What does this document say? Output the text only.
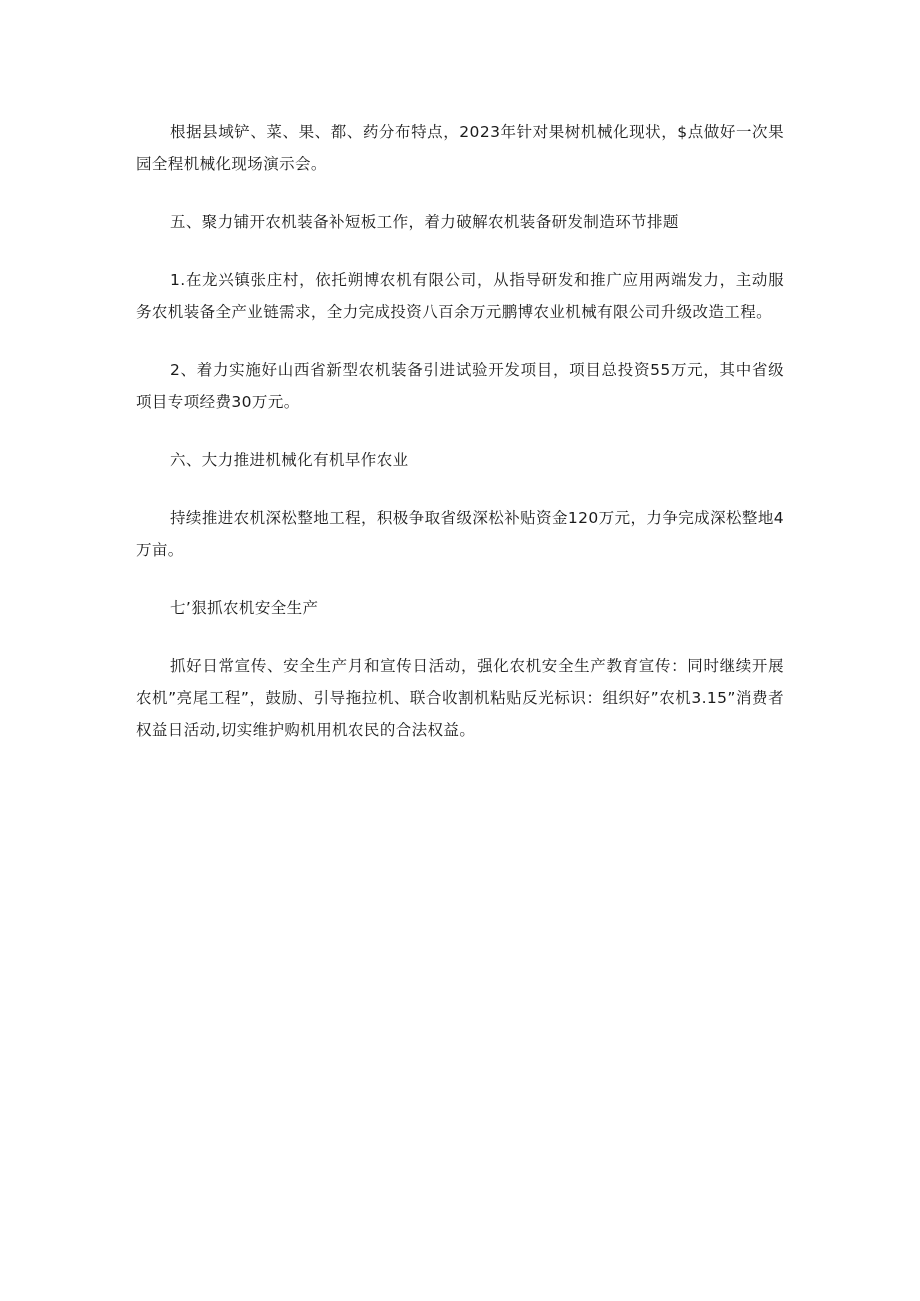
根据县域铲、菜、果、都、药分布特点，2023年针对果树机械化现状，$点做好一次果园全程机械化现场演示会。

五、聚力铺开农机装备补短板工作，着力破解农机装备研发制造环节排题

1.在龙兴镇张庄村，依托朔博农机有限公司，从指导研发和推广应用两端发力，主动服务农机装备全产业链需求，全力完成投资八百余万元鹏博农业机械有限公司升级改造工程。

2、着力实施好山西省新型农机装备引进试验开发项目，项目总投资55万元，其中省级项目专项经费30万元。

六、大力推进机械化有机早作农业

持续推进农机深松整地工程，积极争取省级深松补贴资金120万元，力争完成深松整地4万亩。

七’狠抓农机安全生产

抓好日常宣传、安全生产月和宣传日活动，强化农机安全生产教育宣传：同时继续开展农机”亮尾工程”，鼓励、引导拖拉机、联合收割机粘贴反光标识：组织好”农机3.15”消费者权益日活动,切实维护购机用机农民的合法权益。
